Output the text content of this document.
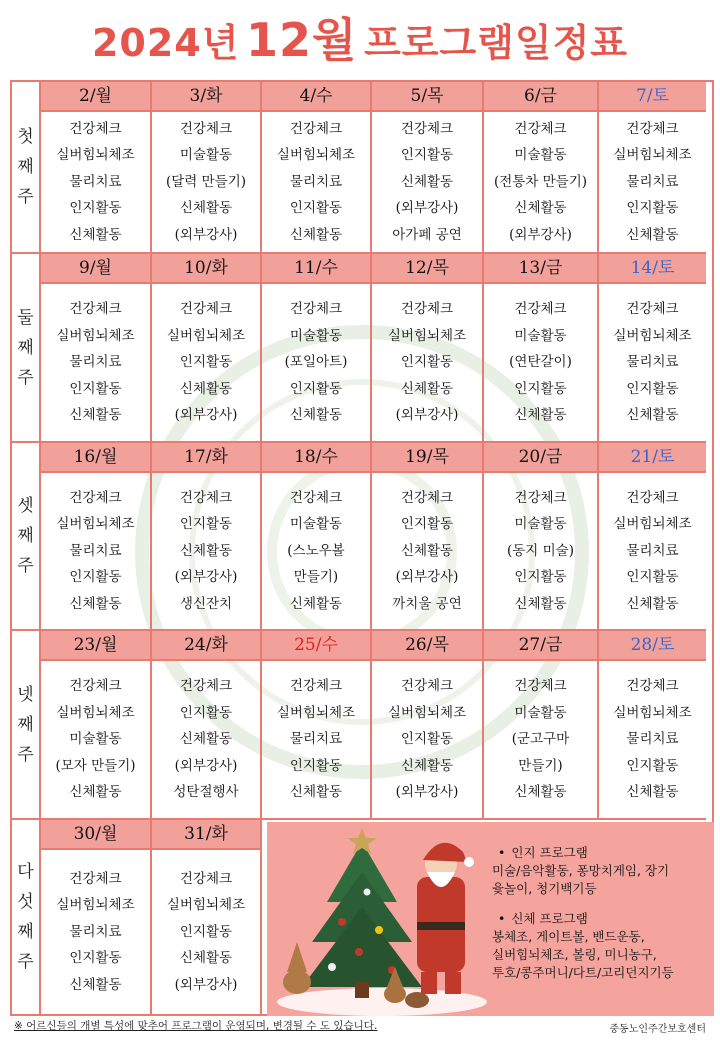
2024년 12월 프로그램일정표
• 인지 프로그램
미술/음악활동, 퐁망치게임, 장기
윷놀이, 청기백기등
• 신체 프로그램
봉체조, 게이트볼, 밴드운동,
실버힘뇌체조, 볼링, 미니농구,
투호/콩주머니/다트/고리던지기등
첫
째
주
2/월
건강체크
실버힘뇌체조
물리치료
인지활동
신체활동
3/화
건강체크
미술활동
(달력 만들기)
신체활동
(외부강사)
4/수
건강체크
실버힘뇌체조
물리치료
인지활동
신체활동
5/목
건강체크
인지활동
신체활동
(외부강사)
아가페 공연
6/금
건강체크
미술활동
(전통차 만들기)
신체활동
(외부강사)
7/토
건강체크
실버힘뇌체조
물리치료
인지활동
신체활동
둘
째
주
9/월
건강체크
실버힘뇌체조
물리치료
인지활동
신체활동
10/화
건강체크
실버힘뇌체조
인지활동
신체활동
(외부강사)
11/수
건강체크
미술활동
(포일아트)
인지활동
신체활동
12/목
건강체크
실버힘뇌체조
인지활동
신체활동
(외부강사)
13/금
건강체크
미술활동
(연탄갈이)
인지활동
신체활동
14/토
건강체크
실버힘뇌체조
물리치료
인지활동
신체활동
셋
째
주
16/월
건강체크
실버힘뇌체조
물리치료
인지활동
신체활동
17/화
건강체크
인지활동
신체활동
(외부강사)
생신잔치
18/수
건강체크
미술활동
(스노우볼
만들기)
신체활동
19/목
건강체크
인지활동
신체활동
(외부강사)
까치울 공연
20/금
건강체크
미술활동
(동지 미술)
인지활동
신체활동
21/토
건강체크
실버힘뇌체조
물리치료
인지활동
신체활동
넷
째
주
23/월
건강체크
실버힘뇌체조
미술활동
(모자 만들기)
신체활동
24/화
건강체크
인지활동
신체활동
(외부강사)
성탄절행사
25/수
건강체크
실버힘뇌체조
물리치료
인지활동
신체활동
26/목
건강체크
실버힘뇌체조
인지활동
신체활동
(외부강사)
27/금
건강체크
미술활동
(군고구마
만들기)
신체활동
28/토
건강체크
실버힘뇌체조
물리치료
인지활동
신체활동
다
섯
째
주
30/월
건강체크
실버힘뇌체조
물리치료
인지활동
신체활동
31/화
건강체크
실버힘뇌체조
인지활동
신체활동
(외부강사)
※ 어르신들의 개별 특성에 맞추어 프로그램이 운영되며, 변경될 수 도 있습니다.	중동노인주간보호센터
